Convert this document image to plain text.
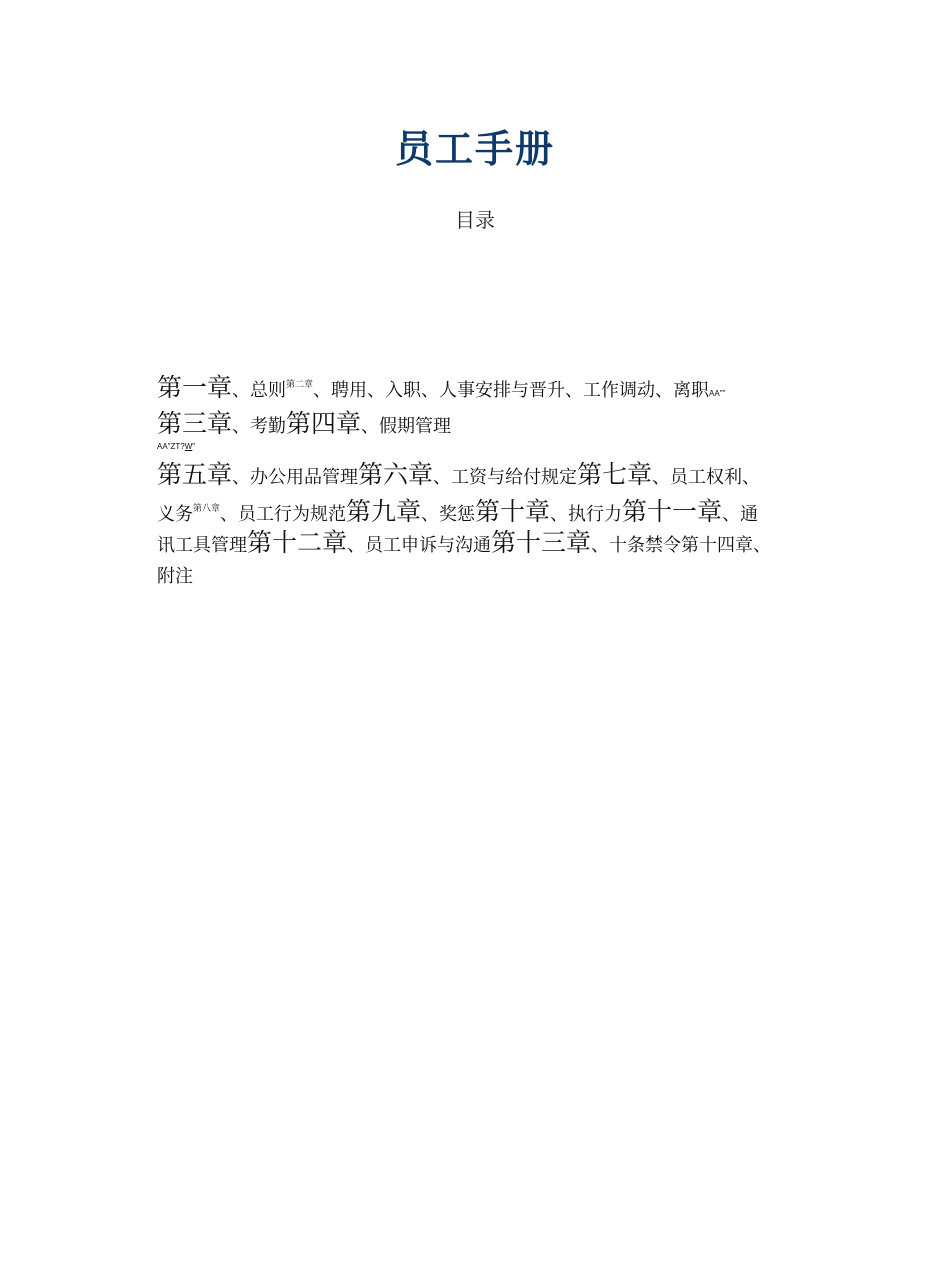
员工手册
目录
第一章、总则$^{第二章}$、聘用、入职、人事安排与晋升、工作调动、离职AA""
第三章、考勤第四章、假期管理
AA"ZT?W"
第五章、办公用品管理第六章、工资与给付规定第七章、员工权利、
义务$^{第八章}$、员工行为规范第九章、奖惩第十章、执行力第十一章、通
讯工具管理第十二章、员工申诉与沟通第十三章、十条禁令第十四章、
附注
